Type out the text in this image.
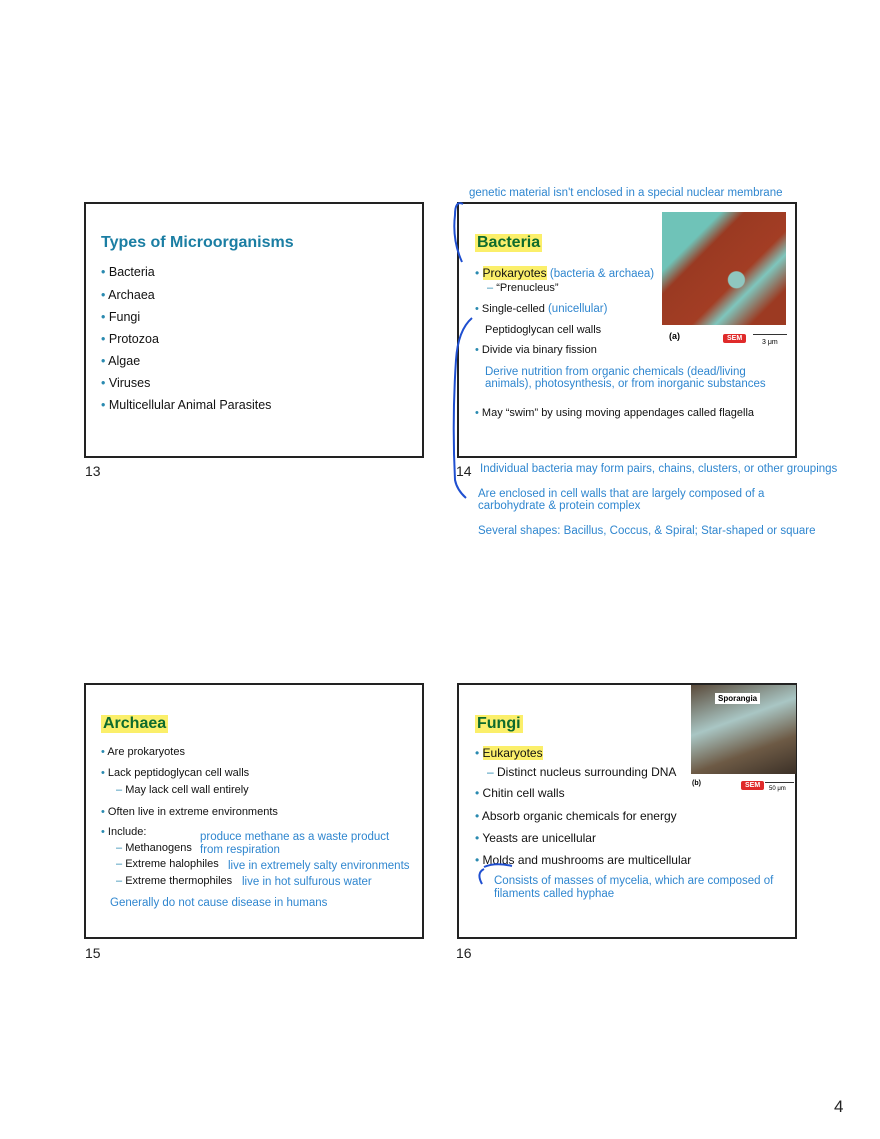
genetic material isn't enclosed in a special nuclear membrane
Types of Microorganisms
• Bacteria
• Archaea
• Fungi
• Protozoa
• Algae
• Viruses
• Multicellular Animal Parasites
13
Bacteria
• Prokaryotes (bacteria & archaea)
– “Prenucleus”
• Single-celled (unicellular)
Peptidoglycan cell walls
• Divide via binary fission
Derive nutrition from organic chemicals (dead/living animals), photosynthesis, or from inorganic substances
• May “swim” by using moving appendages called flagella
(a)	SEM
3 μm
14 Individual bacteria may form pairs, chains, clusters, or other groupings
Are enclosed in cell walls that are largely composed of a carbohydrate & protein complex
Several shapes: Bacillus, Coccus, & Spiral; Star-shaped or square
Archaea
• Are prokaryotes
• Lack peptidoglycan cell walls
– May lack cell wall entirely
• Often live in extreme environments
• Include:
– Methanogens
produce methane as a waste product from respiration
– Extreme halophiles live in extremely salty environments
– Extreme thermophiles live in hot sulfurous water
Generally do not cause disease in humans
15
Fungi
• Eukaryotes
– Distinct nucleus surrounding DNA
• Chitin cell walls
• Absorb organic chemicals for energy
• Yeasts are unicellular
• Molds and mushrooms are multicellular
Consists of masses of mycelia, which are composed of filaments called hyphae
Sporangia
(b)	SEM	50 μm
16
4
